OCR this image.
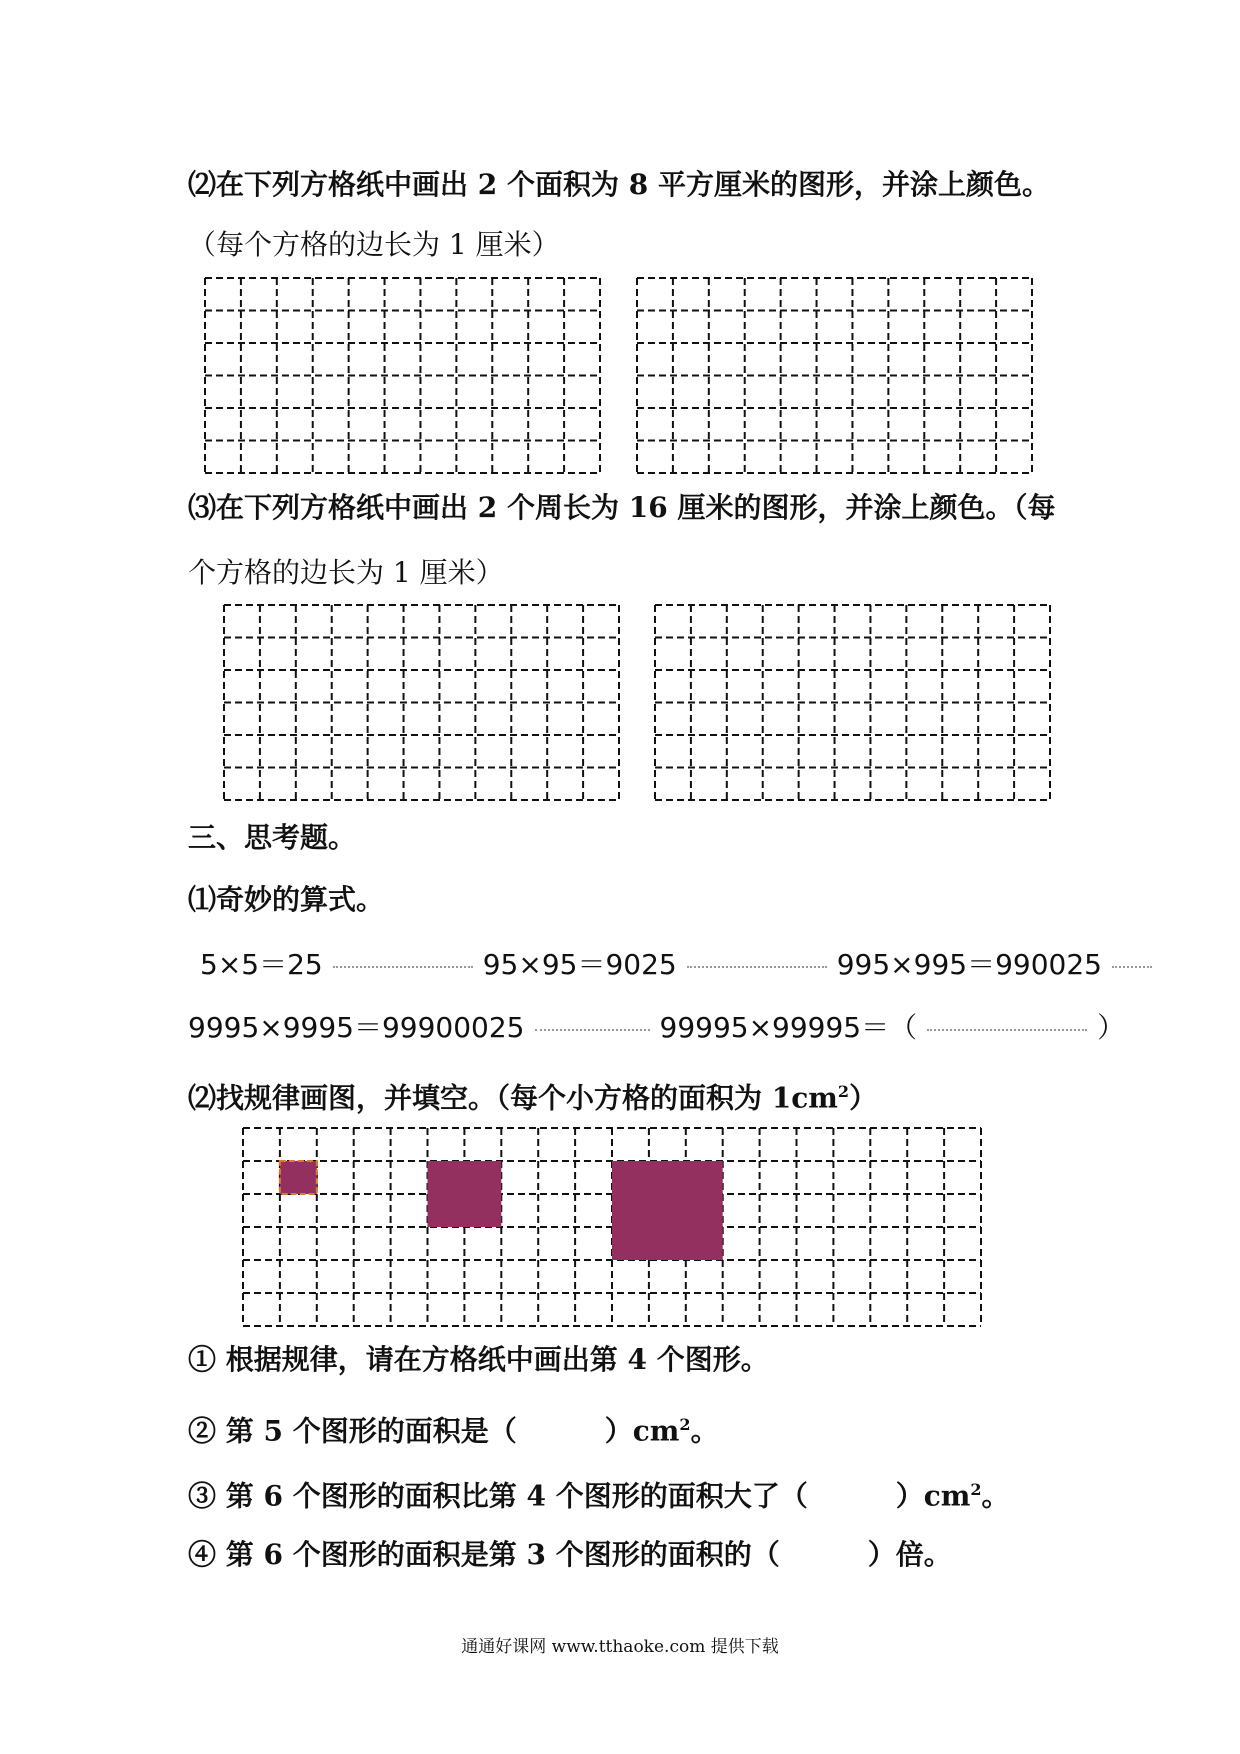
⑵在下列方格纸中画出 2 个面积为 8 平方厘米的图形，并涂上颜色。
（每个方格的边长为 1 厘米）
⑶在下列方格纸中画出 2 个周长为 16 厘米的图形，并涂上颜色。（每
个方格的边长为 1 厘米）
三、思考题。
⑴奇妙的算式。
5×5＝25	95×95＝9025	995×995＝990025
9995×9995＝99900025	99995×99995＝（	）
⑵找规律画图，并填空。（每个小方格的面积为 $1cm^2$）
① 根据规律，请在方格纸中画出第 4 个图形。
② 第 5 个图形的面积是（	）$cm^2$。
③ 第 6 个图形的面积比第 4 个图形的面积大了（	）$cm^2$。
④ 第 6 个图形的面积是第 3 个图形的面积的（	）倍。
通通好课网 www.tthaoke.com 提供下载
